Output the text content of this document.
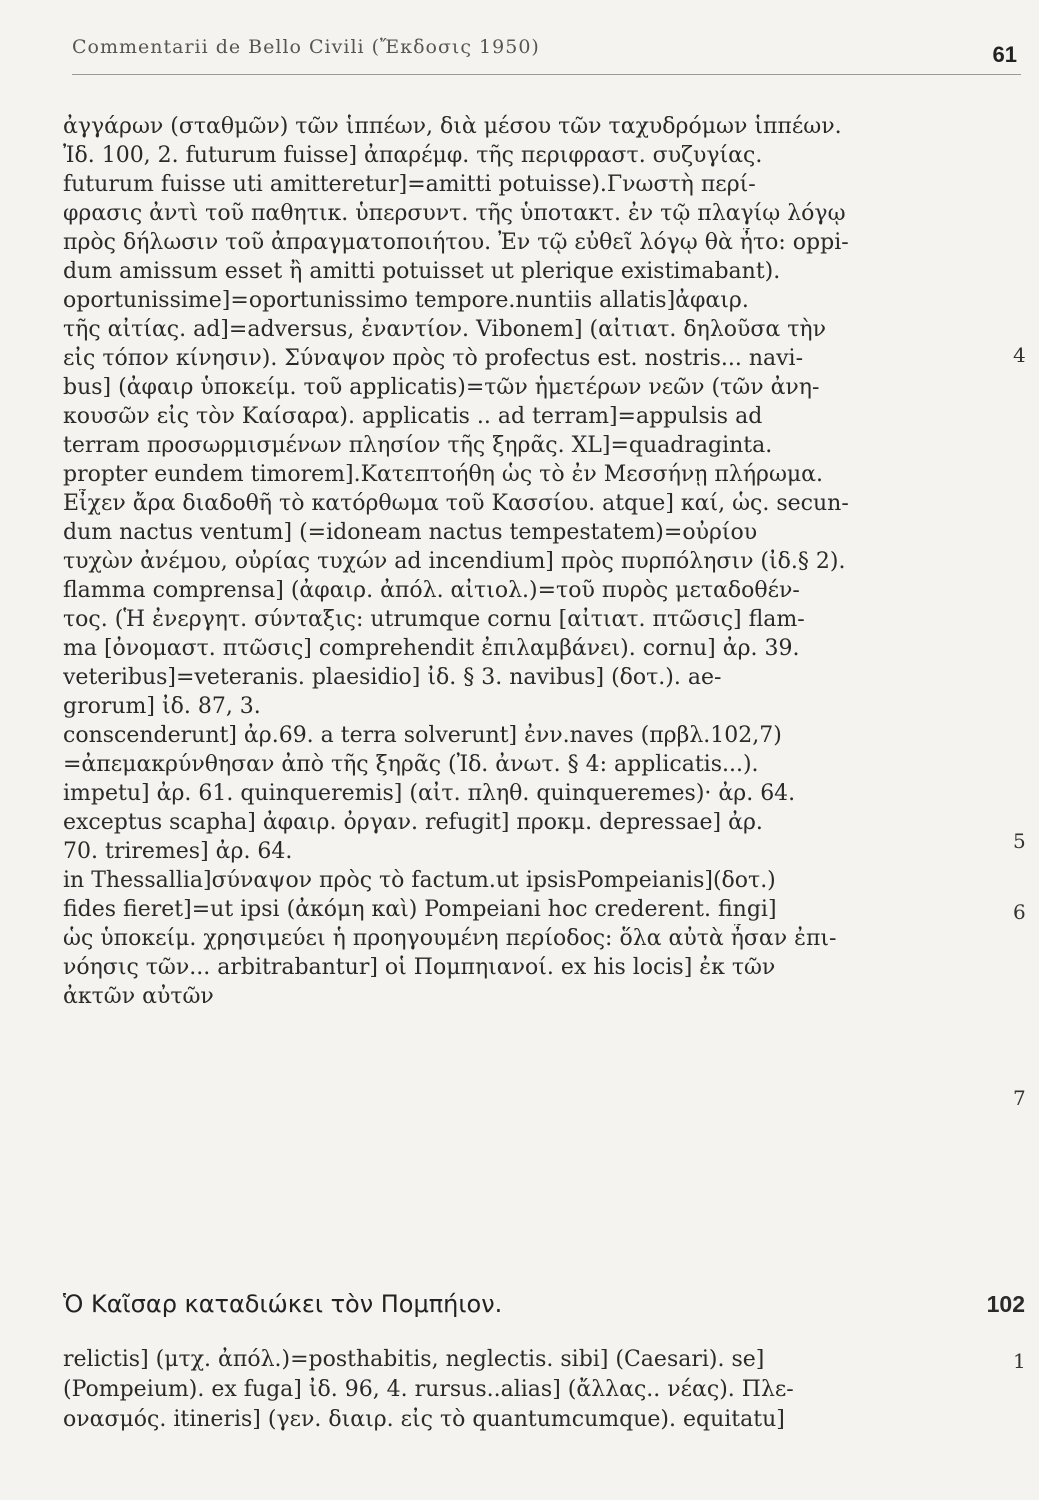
Commentarii de Bello Civili (Ἔκδοσις 1950)	61
ἀγγάρων (σταθμῶν) τῶν ἱππέων, διὰ μέσου τῶν ταχυδρόμων ἱππέων.
Ἰδ. 100, 2. futurum fuisse] ἀπαρέμφ. τῆς περιφραστ. συζυγίας.
futurum fuisse uti amitteretur]=amitti potuisse).Γνωστὴ περί-
φρασις ἀντὶ τοῦ παθητικ. ὑπερσυντ. τῆς ὑποτακτ. ἐν τῷ πλαγίῳ λόγῳ
πρὸς δήλωσιν τοῦ ἀπραγματοποιήτου. Ἐν τῷ εὐθεῖ λόγῳ θὰ ἦτο: oppi-
dum amissum esset ἢ amitti potuisset ut plerique existimabant).
oportunissime]=oportunissimo tempore.nuntiis allatis]ἀφαιρ.
τῆς αἰτίας. ad]=adversus, ἐναντίον. Vibonem] (αἰτιατ. δηλοῦσα τὴν
εἰς τόπον κίνησιν). Σύναψον πρὸς τὸ profectus est. nostris... navi-
bus] (ἀφαιρ ὑποκείμ. τοῦ applicatis)=τῶν ἡμετέρων νεῶν (τῶν ἀνη-
κουσῶν εἰς τὸν Καίσαρα). applicatis .. ad terram]=appulsis ad
terram προσωρμισμένων πλησίον τῆς ξηρᾶς. XL]=quadraginta.
propter eundem timorem].Κατεπτοήθη ὡς τὸ ἐν Μεσσήνῃ πλήρωμα.
Εἶχεν ἄρα διαδοθῆ τὸ κατόρθωμα τοῦ Κασσίου. atque] καί, ὡς. secun-
dum nactus ventum] (=idoneam nactus tempestatem)=οὐρίου
τυχὼν ἀνέμου, οὐρίας τυχών ad incendium] πρὸς πυρπόλησιν (ἰδ.§ 2).
flamma comprensa] (ἀφαιρ. ἀπόλ. αἰτιολ.)=τοῦ πυρὸς μεταδοθέν-
τος. (Ἡ ἐνεργητ. σύνταξις: utrumque cornu [αἰτιατ. πτῶσις] flam-
ma [ὀνομαστ. πτῶσις] comprehendit ἐπιλαμβάνει). cornu] ἀρ. 39.
veteribus]=veteranis. plaesidio] ἰδ. § 3. navibus] (δοτ.). ae-
grorum] ἰδ. 87, 3.
conscenderunt] ἀρ.69. a terra solverunt] ἐνν.naves (πρβλ.102,7)
=ἀπεμακρύνθησαν ἀπὸ τῆς ξηρᾶς (Ἰδ. ἀνωτ. § 4: applicatis...).
impetu] ἀρ. 61. quinqueremis] (αἰτ. πληθ. quinqueremes)· ἀρ. 64.
exceptus scapha] ἀφαιρ. ὀργαν. refugit] προκμ. depressae] ἀρ.
70. triremes] ἀρ. 64.
in Thessallia]σύναψον πρὸς τὸ factum.ut ipsisPompeianis](δοτ.)
fides fieret]=ut ipsi (ἀκόμη καὶ) Pompeiani hoc crederent. fingi]
ὡς ὑποκείμ. χρησιμεύει ἡ προηγουμένη περίοδος: ὅλα αὐτὰ ἦσαν ἐπι-
νόησις τῶν... arbitrabantur] οἱ Πομπηιανοί. ex his locis] ἐκ τῶν
ἀκτῶν αὐτῶν
4
5
6
7
Ὁ Καῖσαρ καταδιώκει τὸν Πομπήιον.	102
relictis] (μτχ. ἀπόλ.)=posthabitis, neglectis. sibi] (Caesari). se]
(Pompeium). ex fuga] ἰδ. 96, 4. rursus..alias] (ἄλλας.. νέας). Πλε-
ονασμός. itineris] (γεν. διαιρ. εἰς τὸ quantumcumque). equitatu]
1
